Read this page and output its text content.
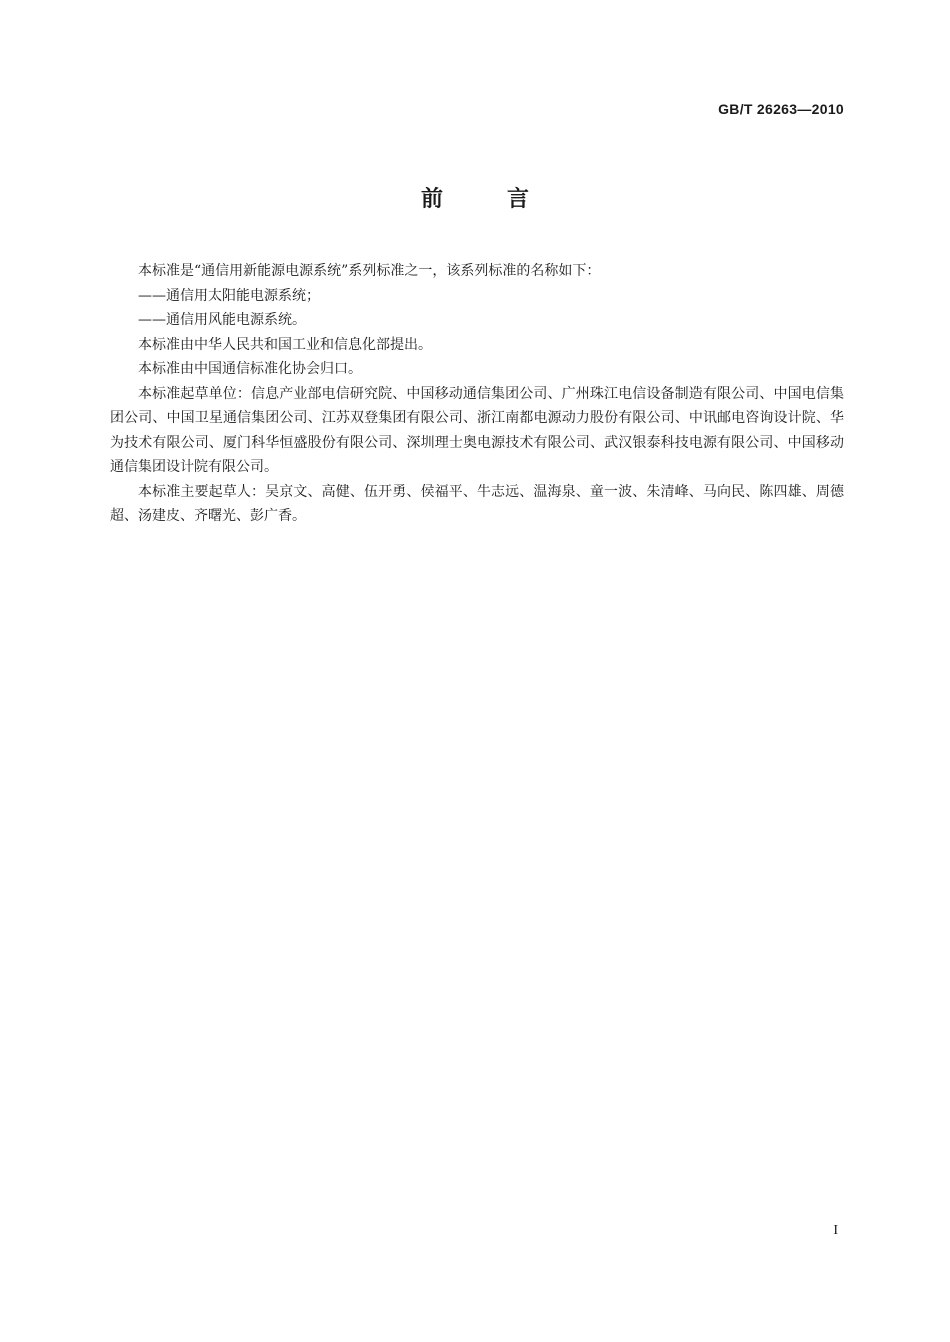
GB/T 26263—2010
前言

本标准是“通信用新能源电源系统”系列标准之一，该系列标准的名称如下：

——通信用太阳能电源系统；

——通信用风能电源系统。

本标准由中华人民共和国工业和信息化部提出。

本标准由中国通信标准化协会归口。

本标准起草单位：信息产业部电信研究院、中国移动通信集团公司、广州珠江电信设备制造有限公司、中国电信集团公司、中国卫星通信集团公司、江苏双登集团有限公司、浙江南都电源动力股份有限公司、中讯邮电咨询设计院、华为技术有限公司、厦门科华恒盛股份有限公司、深圳理士奥电源技术有限公司、武汉银泰科技电源有限公司、中国移动通信集团设计院有限公司。

本标准主要起草人：吴京文、高健、伍开勇、侯福平、牛志远、温海泉、童一波、朱清峰、马向民、陈四雄、周德超、汤建皮、齐曙光、彭广香。

I
